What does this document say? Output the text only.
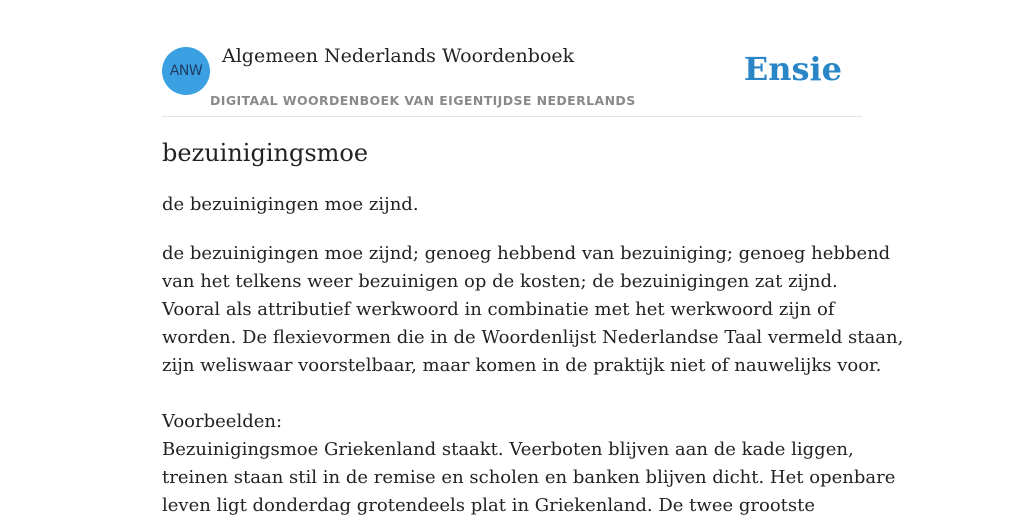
ANW
Algemeen Nederlands Woordenboek
DIGITAAL WOORDENBOEK VAN EIGENTIJDSE NEDERLANDS
Ensie
bezuinigingsmoe
de bezuinigingen moe zijnd.

de bezuinigingen moe zijnd; genoeg hebbend van bezuiniging; genoeg hebbend

van het telkens weer bezuinigen op de kosten; de bezuinigingen zat zijnd.

Vooral als attributief werkwoord in combinatie met het werkwoord zijn of

worden. De flexievormen die in de Woordenlijst Nederlandse Taal vermeld staan,

zijn weliswaar voorstelbaar, maar komen in de praktijk niet of nauwelijks voor.

Voorbeelden:

Bezuinigingsmoe Griekenland staakt. Veerboten blijven aan de kade liggen,

treinen staan stil in de remise en scholen en banken blijven dicht. Het openbare

leven ligt donderdag grotendeels plat in Griekenland. De twee grootste
